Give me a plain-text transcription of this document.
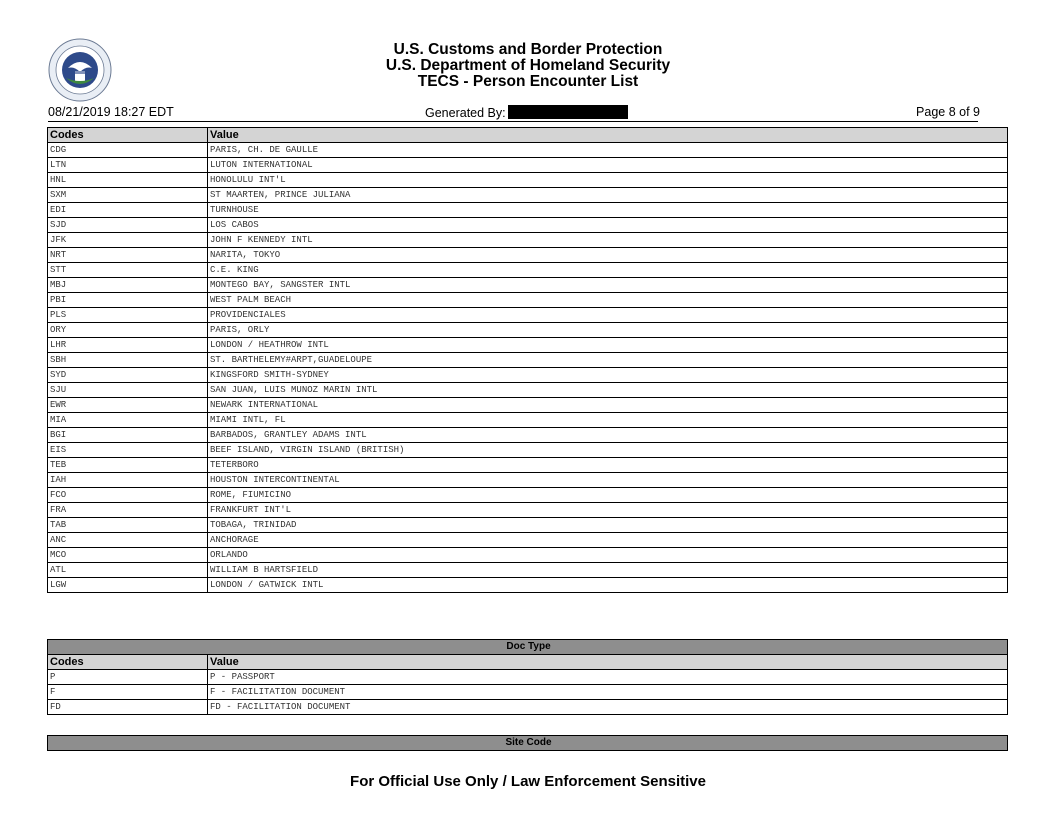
U.S. Customs and Border Protection
U.S. Department of Homeland Security
TECS - Person Encounter List
08/21/2019 18:27 EDT	Generated By:	Page 8 of 9
Codes	Value
CDG	PARIS, CH. DE GAULLE
LTN	LUTON INTERNATIONAL
HNL	HONOLULU INT'L
SXM	ST MAARTEN, PRINCE JULIANA
EDI	TURNHOUSE
SJD	LOS CABOS
JFK	JOHN F KENNEDY INTL
NRT	NARITA, TOKYO
STT	C.E. KING
MBJ	MONTEGO BAY, SANGSTER INTL
PBI	WEST PALM BEACH
PLS	PROVIDENCIALES
ORY	PARIS, ORLY
LHR	LONDON / HEATHROW INTL
SBH	ST. BARTHELEMY#ARPT,GUADELOUPE
SYD	KINGSFORD SMITH-SYDNEY
SJU	SAN JUAN, LUIS MUNOZ MARIN INTL
EWR	NEWARK INTERNATIONAL
MIA	MIAMI INTL, FL
BGI	BARBADOS, GRANTLEY ADAMS INTL
EIS	BEEF ISLAND, VIRGIN ISLAND (BRITISH)
TEB	TETERBORO
IAH	HOUSTON INTERCONTINENTAL
FCO	ROME, FIUMICINO
FRA	FRANKFURT INT'L
TAB	TOBAGA, TRINIDAD
ANC	ANCHORAGE
MCO	ORLANDO
ATL	WILLIAM B HARTSFIELD
LGW	LONDON / GATWICK INTL
Doc Type	
Codes	Value
P	P - PASSPORT
F	F - FACILITATION DOCUMENT
FD	FD - FACILITATION DOCUMENT
Site Code
For Official Use Only / Law Enforcement Sensitive
